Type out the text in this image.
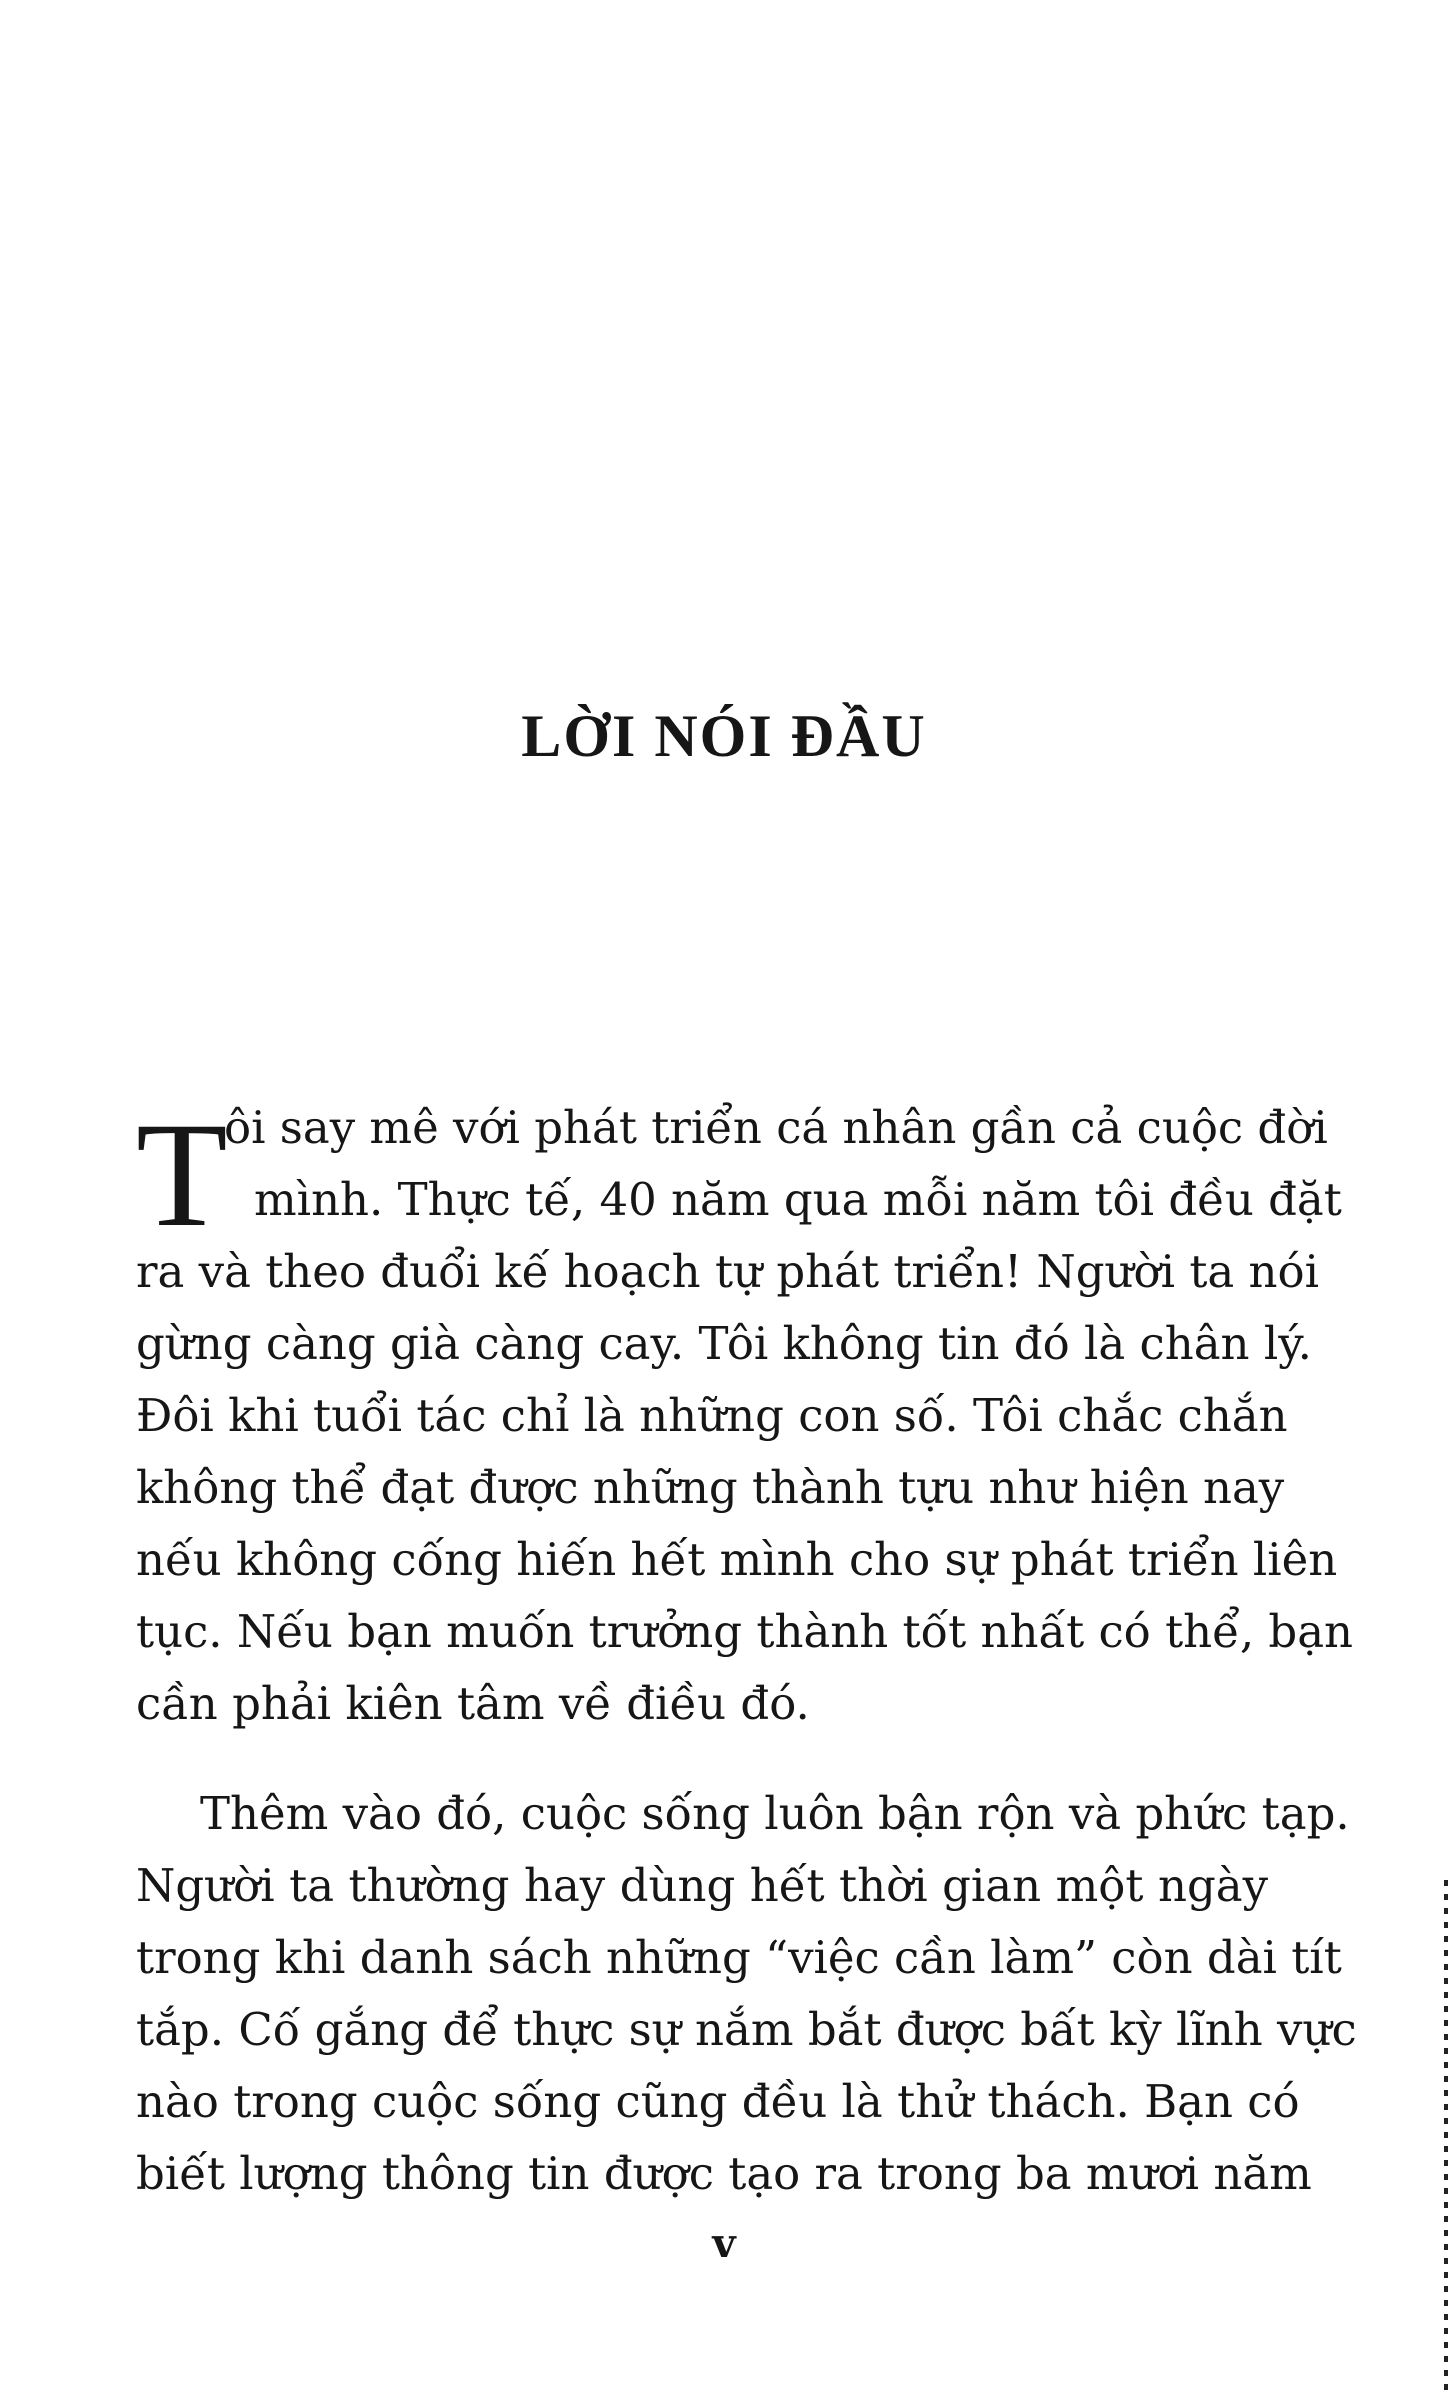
LỜI NÓI ĐẦU
T
ôi say mê với phát triển cá nhân gần cả cuộc đời
mình. Thực tế, 40 năm qua mỗi năm tôi đều đặt
ra và theo đuổi kế hoạch tự phát triển! Người ta nói
gừng càng già càng cay. Tôi không tin đó là chân lý.
Đôi khi tuổi tác chỉ là những con số. Tôi chắc chắn
không thể đạt được những thành tựu như hiện nay
nếu không cống hiến hết mình cho sự phát triển liên
tục. Nếu bạn muốn trưởng thành tốt nhất có thể, bạn
cần phải kiên tâm về điều đó.
Thêm vào đó, cuộc sống luôn bận rộn và phức tạp.
Người ta thường hay dùng hết thời gian một ngày
trong khi danh sách những “việc cần làm” còn dài tít
tắp. Cố gắng để thực sự nắm bắt được bất kỳ lĩnh vực
nào trong cuộc sống cũng đều là thử thách. Bạn có
biết lượng thông tin được tạo ra trong ba mươi năm
v
